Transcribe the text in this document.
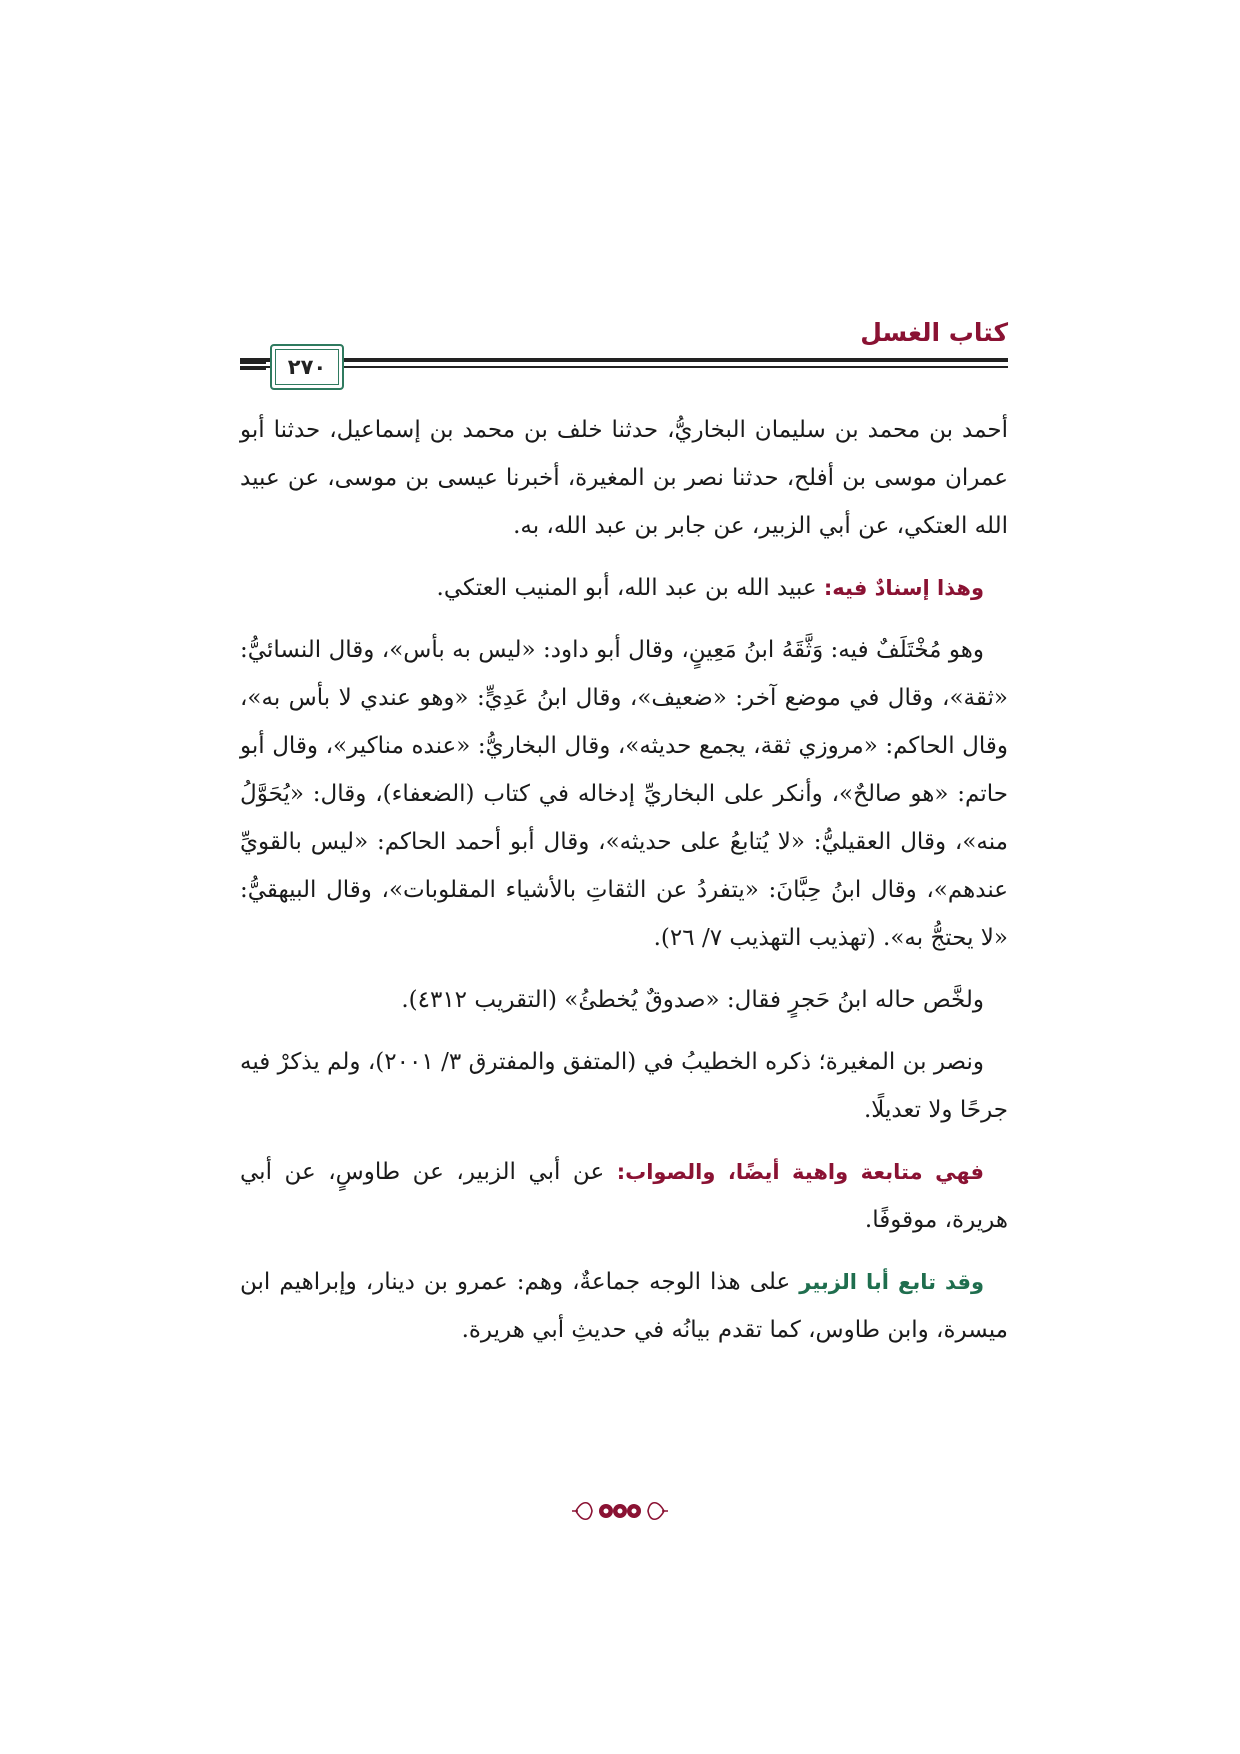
كتاب الغسل
٢٧٠

أحمد بن محمد بن سليمان البخاريُّ، حدثنا خلف بن محمد بن إسماعيل، حدثنا أبو عمران موسى بن أفلح، حدثنا نصر بن المغيرة، أخبرنا عيسى بن موسى، عن عبيد الله العتكي، عن أبي الزبير، عن جابر بن عبد الله، به.

وهذا إسنادٌ فيه: عبيد الله بن عبد الله، أبو المنيب العتكي.

وهو مُخْتَلَفٌ فيه: وَثَّقَهُ ابنُ مَعِينٍ، وقال أبو داود: «ليس به بأس»، وقال النسائيُّ: «ثقة»، وقال في موضع آخر: «ضعيف»، وقال ابنُ عَدِيٍّ: «وهو عندي لا بأس به»، وقال الحاكم: «مروزي ثقة، يجمع حديثه»، وقال البخاريُّ: «عنده مناكير»، وقال أبو حاتم: «هو صالحٌ»، وأنكر على البخاريِّ إدخاله في كتاب (الضعفاء)، وقال: «يُحَوَّلُ منه»، وقال العقيليُّ: «لا يُتابعُ على حديثه»، وقال أبو أحمد الحاكم: «ليس بالقويِّ عندهم»، وقال ابنُ حِبَّانَ: «يتفردُ عن الثقاتِ بالأشياء المقلوبات»، وقال البيهقيُّ: «لا يحتجُّ به». (تهذيب التهذيب ٧/ ٢٦).

ولخَّص حاله ابنُ حَجرٍ فقال: «صدوقٌ يُخطئُ» (التقريب ٤٣١٢).

ونصر بن المغيرة؛ ذكره الخطيبُ في (المتفق والمفترق ٣/ ٢٠٠١)، ولم يذكرْ فيه جرحًا ولا تعديلًا.

فهي متابعة واهية أيضًا، والصواب: عن أبي الزبير، عن طاوسٍ، عن أبي هريرة، موقوفًا.

وقد تابع أبا الزبير على هذا الوجه جماعةٌ، وهم: عمرو بن دينار، وإبراهيم ابن ميسرة، وابن طاوس، كما تقدم بيانُه في حديثِ أبي هريرة.
